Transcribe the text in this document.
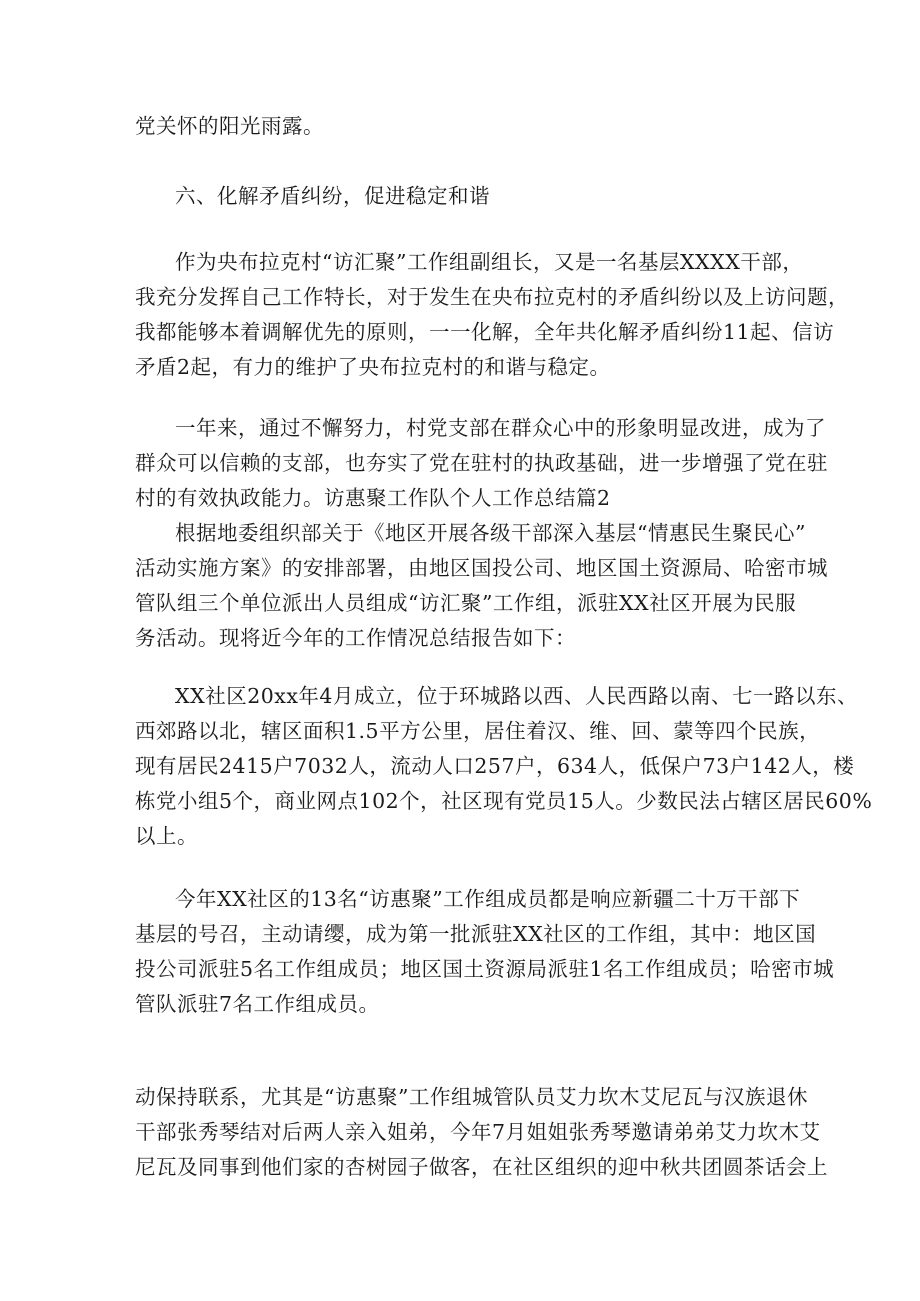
党关怀的阳光雨露。
六、化解矛盾纠纷，促进稳定和谐
作为央布拉克村“访汇聚”工作组副组长，又是一名基层XXXX干部，
我充分发挥自己工作特长，对于发生在央布拉克村的矛盾纠纷以及上访问题，
我都能够本着调解优先的原则，一一化解，全年共化解矛盾纠纷11起、信访
矛盾2起，有力的维护了央布拉克村的和谐与稳定。
一年来，通过不懈努力，村党支部在群众心中的形象明显改进，成为了
群众可以信赖的支部，也夯实了党在驻村的执政基础，进一步增强了党在驻
村的有效执政能力。访惠聚工作队个人工作总结篇2
根据地委组织部关于《地区开展各级干部深入基层“情惠民生聚民心”
活动实施方案》的安排部署，由地区国投公司、地区国土资源局、哈密市城
管队组三个单位派出人员组成“访汇聚”工作组，派驻XX社区开展为民服
务活动。现将近今年的工作情况总结报告如下：
XX社区20xx年4月成立，位于环城路以西、人民西路以南、七一路以东、
西郊路以北，辖区面积1.5平方公里，居住着汉、维、回、蒙等四个民族，
现有居民2415户7032人，流动人口257户，634人，低保户73户142人，楼
栋党小组5个，商业网点102个，社区现有党员15人。少数民法占辖区居民60%
以上。
今年XX社区的13名“访惠聚”工作组成员都是响应新疆二十万干部下
基层的号召，主动请缨，成为第一批派驻XX社区的工作组，其中：地区国
投公司派驻5名工作组成员；地区国土资源局派驻1名工作组成员；哈密市城
管队派驻7名工作组成员。
动保持联系，尤其是“访惠聚”工作组城管队员艾力坎木艾尼瓦与汉族退休
干部张秀琴结对后两人亲入姐弟，今年7月姐姐张秀琴邀请弟弟艾力坎木艾
尼瓦及同事到他们家的杏树园子做客，在社区组织的迎中秋共团圆茶话会上
